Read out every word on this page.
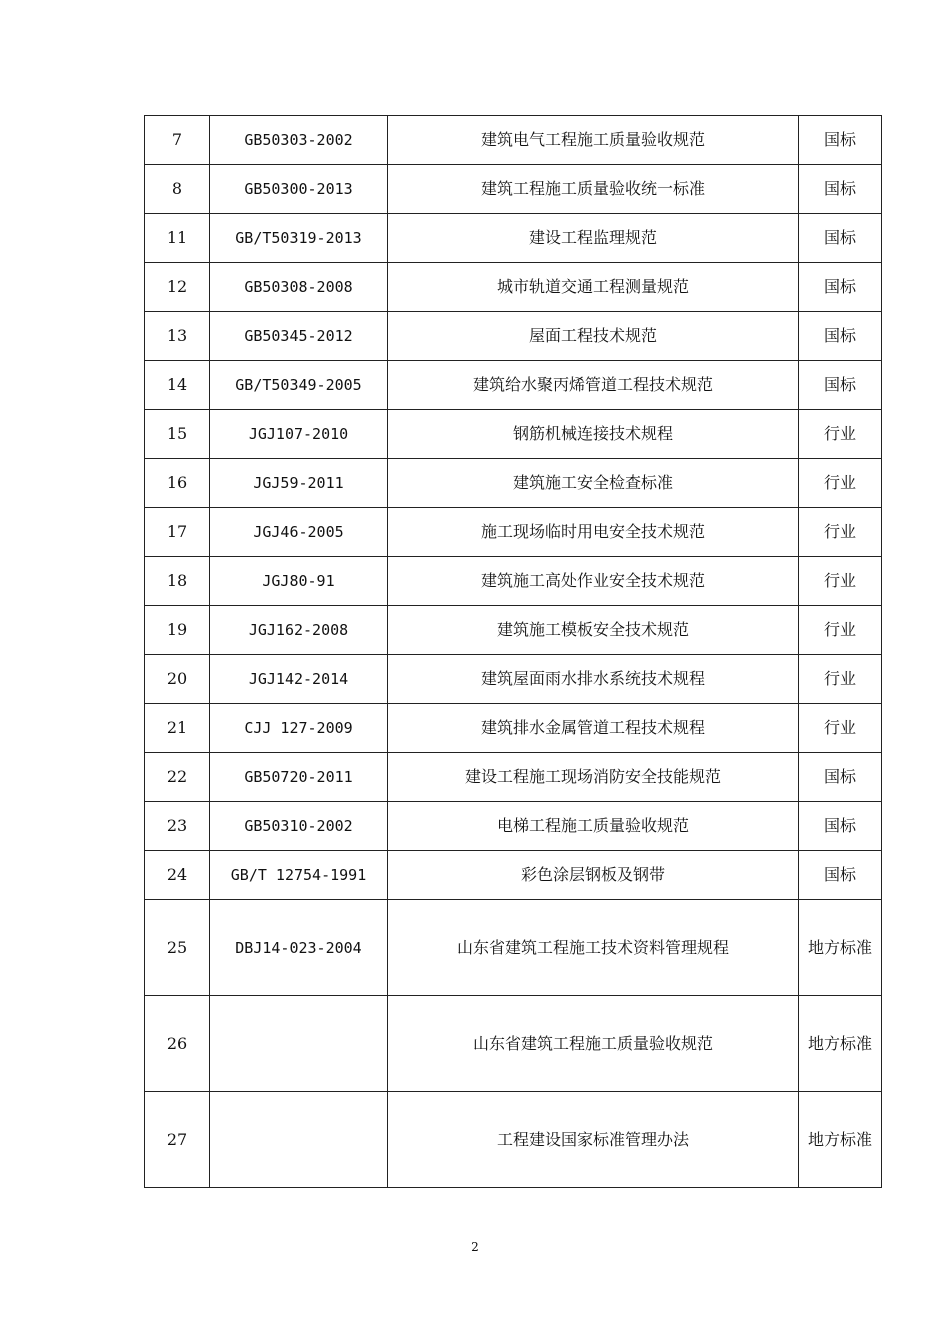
7	GB50303-2002	建筑电气工程施工质量验收规范	国标
8	GB50300-2013	建筑工程施工质量验收统一标准	国标
11	GB/T50319-2013	建设工程监理规范	国标
12	GB50308-2008	城市轨道交通工程测量规范	国标
13	GB50345-2012	屋面工程技术规范	国标
14	GB/T50349-2005	建筑给水聚丙烯管道工程技术规范	国标
15	JGJ107-2010	钢筋机械连接技术规程	行业
16	JGJ59-2011	建筑施工安全检查标准	行业
17	JGJ46-2005	施工现场临时用电安全技术规范	行业
18	JGJ80-91	建筑施工高处作业安全技术规范	行业
19	JGJ162-2008	建筑施工模板安全技术规范	行业
20	JGJ142-2014	建筑屋面雨水排水系统技术规程	行业
21	CJJ 127-2009	建筑排水金属管道工程技术规程	行业
22	GB50720-2011	建设工程施工现场消防安全技能规范	国标
23	GB50310-2002	电梯工程施工质量验收规范	国标
24	GB/T 12754-1991	彩色涂层钢板及钢带	国标
25	DBJ14-023-2004	山东省建筑工程施工技术资料管理规程	地方标准
26		山东省建筑工程施工质量验收规范	地方标准
27		工程建设国家标准管理办法	地方标准
2
